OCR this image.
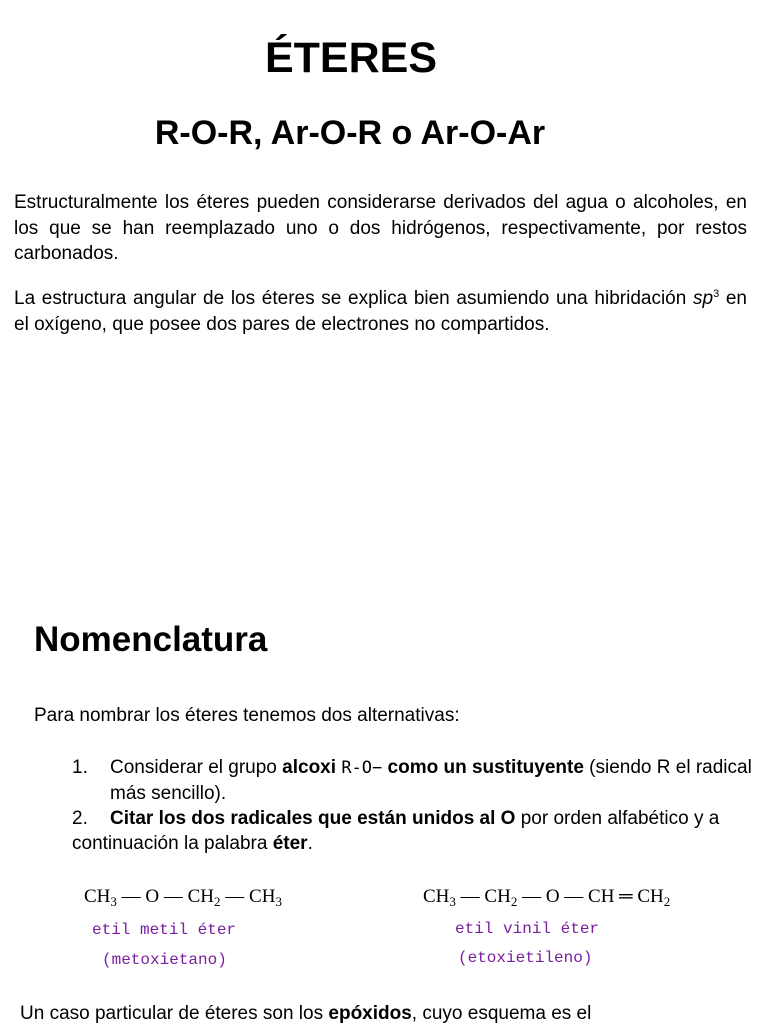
ÉTERES
R-O-R, Ar-O-R o Ar-O-Ar
Estructuralmente los éteres pueden considerarse derivados del agua o alcoholes, en los que se han reemplazado uno o dos hidrógenos, respectivamente, por restos carbonados.
La estructura angular de los éteres se explica bien asumiendo una hibridación $sp^3$ en el oxígeno, que posee dos pares de electrones no compartidos.
Nomenclatura
Para nombrar los éteres tenemos dos alternativas:
1. Considerar el grupo alcoxi R-O− como un sustituyente (siendo R el radical más sencillo).
2. Citar los dos radicales que están unidos al O por orden alfabético y a continuación la palabra éter.
$CH_3$ — O — $CH_2$ — $CH_3$
etil metil éter
(metoxietano)
$CH_3$ — $CH_2$ — O — CH ═ $CH_2$
etil vinil éter
(etoxietileno)
Un caso particular de éteres son los epóxidos, cuyo esquema es el
